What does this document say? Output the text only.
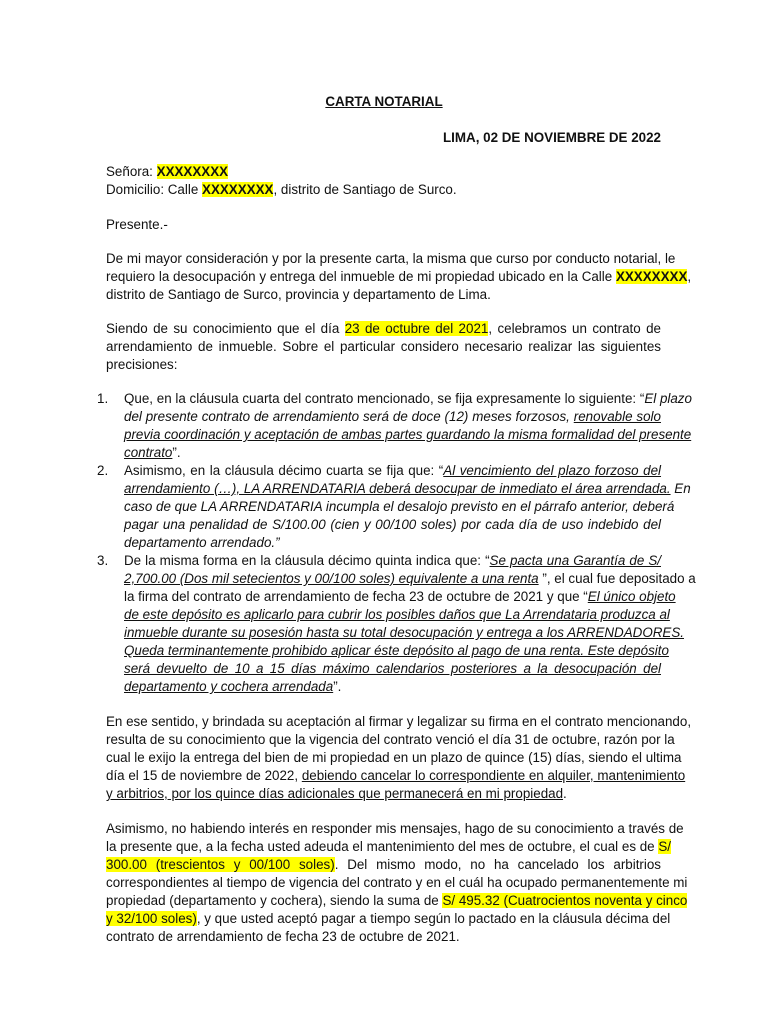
CARTA NOTARIAL
LIMA, 02 DE NOVIEMBRE DE 2022
Señora: XXXXXXXX
Domicilio: Calle XXXXXXXX, distrito de Santiago de Surco.
Presente.-
De mi mayor consideración y por la presente carta, la misma que curso por conducto notarial, le
requiero la desocupación y entrega del inmueble de mi propiedad ubicado en la Calle XXXXXXXX,
distrito de Santiago de Surco, provincia y departamento de Lima.
Siendo de su conocimiento que el día 23 de octubre del 2021, celebramos un contrato de
arrendamiento de inmueble. Sobre el particular considero necesario realizar las siguientes
precisiones:
1. Que, en la cláusula cuarta del contrato mencionado, se fija expresamente lo siguiente: “El plazo
del presente contrato de arrendamiento será de doce (12) meses forzosos, renovable solo
previa coordinación y aceptación de ambas partes guardando la misma formalidad del presente
contrato”.
2. Asimismo, en la cláusula décimo cuarta se fija que: “Al vencimiento del plazo forzoso del
arrendamiento (…), LA ARRENDATARIA deberá desocupar de inmediato el área arrendada. En
caso de que LA ARRENDATARIA incumpla el desalojo previsto en el párrafo anterior, deberá
pagar una penalidad de S/100.00 (cien y 00/100 soles) por cada día de uso indebido del
departamento arrendado.”
3. De la misma forma en la cláusula décimo quinta indica que: “Se pacta una Garantía de S/
2,700.00 (Dos mil setecientos y 00/100 soles) equivalente a una renta ”, el cual fue depositado a
la firma del contrato de arrendamiento de fecha 23 de octubre de 2021 y que “El único objeto
de este depósito es aplicarlo para cubrir los posibles daños que La Arrendataria produzca al
inmueble durante su posesión hasta su total desocupación y entrega a los ARRENDADORES.
Queda terminantemente prohibido aplicar éste depósito al pago de una renta. Este depósito
será devuelto de 10 a 15 días máximo calendarios posteriores a la desocupación del
departamento y cochera arrendada”.
En ese sentido, y brindada su aceptación al firmar y legalizar su firma en el contrato mencionando,
resulta de su conocimiento que la vigencia del contrato venció el día 31 de octubre, razón por la
cual le exijo la entrega del bien de mi propiedad en un plazo de quince (15) días, siendo el ultima
día el 15 de noviembre de 2022, debiendo cancelar lo correspondiente en alquiler, mantenimiento
y arbitrios, por los quince días adicionales que permanecerá en mi propiedad.
Asimismo, no habiendo interés en responder mis mensajes, hago de su conocimiento a través de
la presente que, a la fecha usted adeuda el mantenimiento del mes de octubre, el cual es de S/
300.00 (trescientos y 00/100 soles). Del mismo modo, no ha cancelado los arbitrios
correspondientes al tiempo de vigencia del contrato y en el cuál ha ocupado permanentemente mi
propiedad (departamento y cochera), siendo la suma de S/ 495.32 (Cuatrocientos noventa y cinco
y 32/100 soles), y que usted aceptó pagar a tiempo según lo pactado en la cláusula décima del
contrato de arrendamiento de fecha 23 de octubre de 2021.
